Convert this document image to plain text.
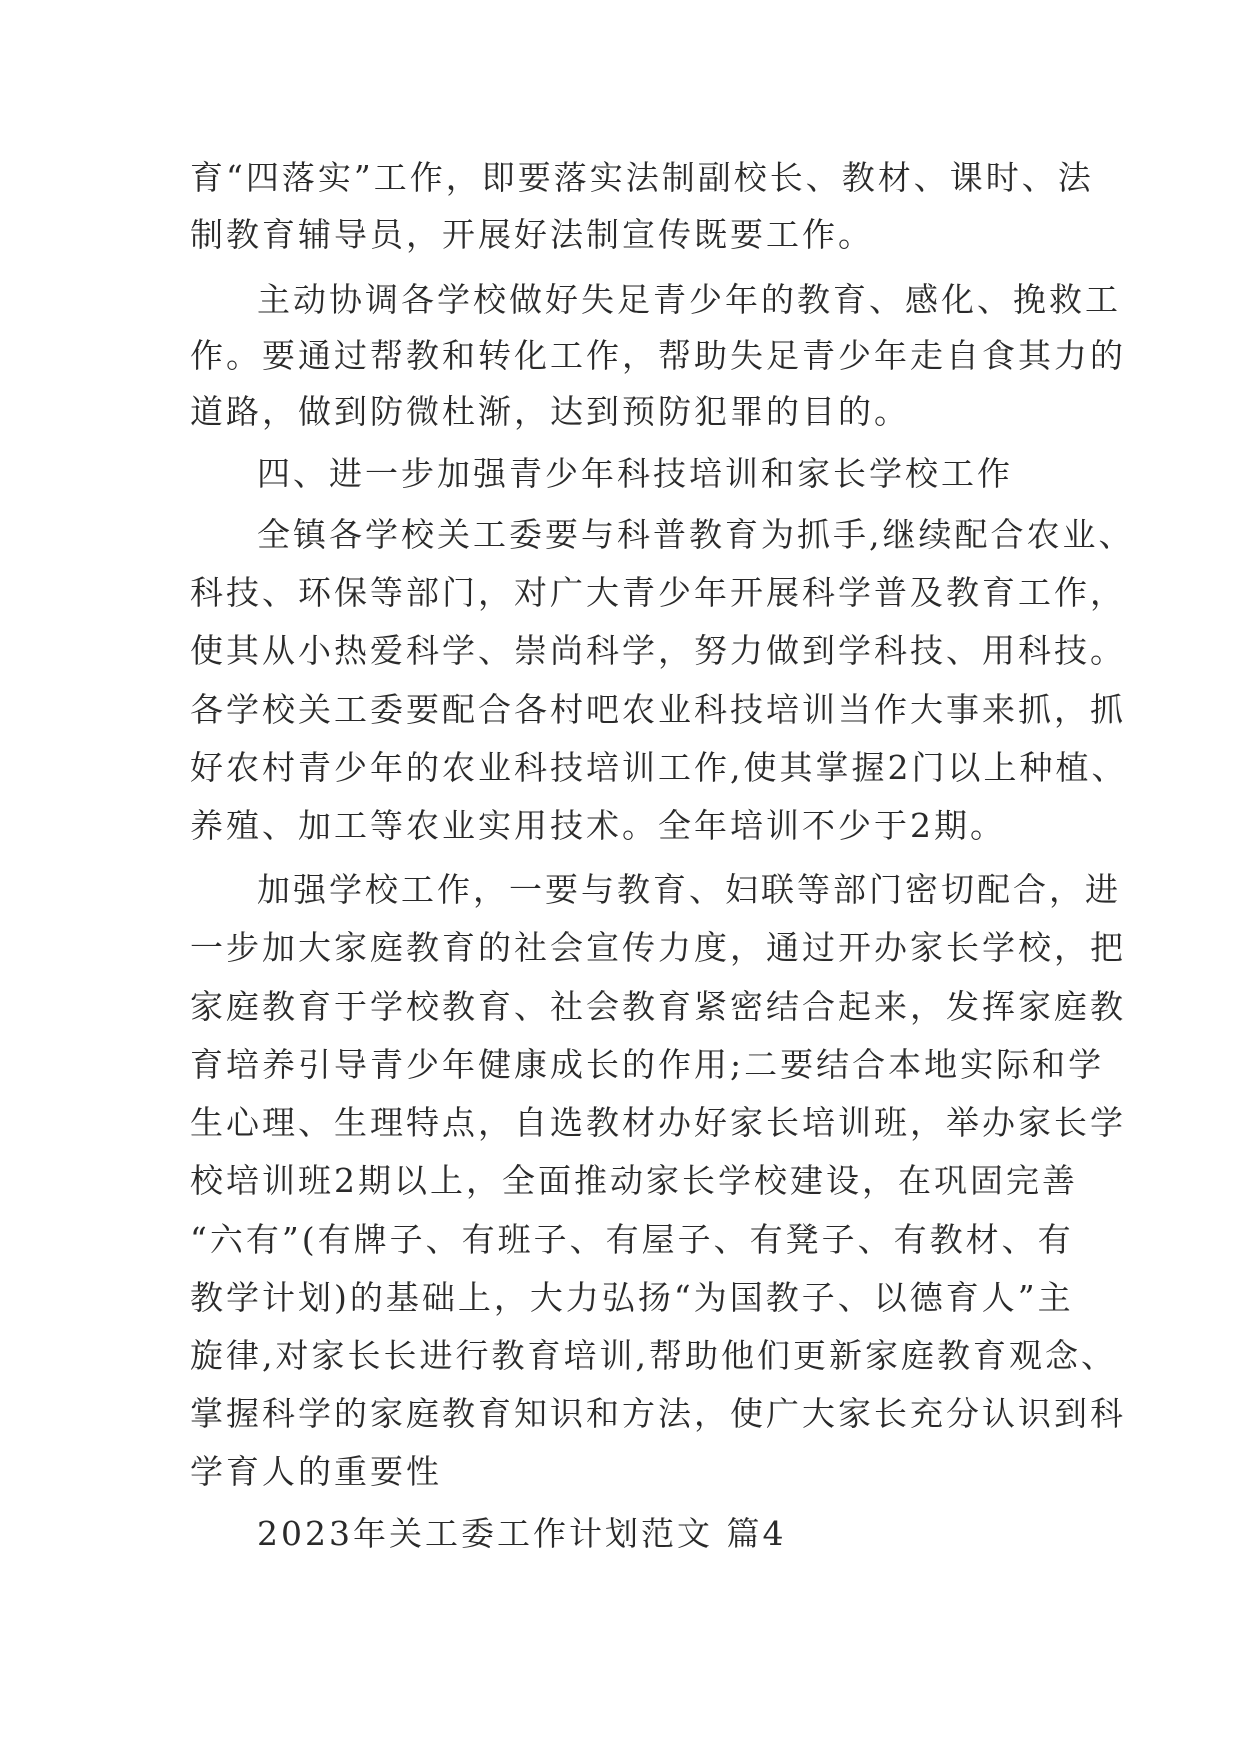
育“四落实”工作，即要落实法制副校长、教材、课时、法
制教育辅导员，开展好法制宣传既要工作。
主动协调各学校做好失足青少年的教育、感化、挽救工
作。要通过帮教和转化工作，帮助失足青少年走自食其力的
道路，做到防微杜渐，达到预防犯罪的目的。
四、进一步加强青少年科技培训和家长学校工作
全镇各学校关工委要与科普教育为抓手,继续配合农业、
科技、环保等部门，对广大青少年开展科学普及教育工作，
使其从小热爱科学、崇尚科学，努力做到学科技、用科技。
各学校关工委要配合各村吧农业科技培训当作大事来抓，抓
好农村青少年的农业科技培训工作,使其掌握2门以上种植、
养殖、加工等农业实用技术。全年培训不少于2期。
加强学校工作，一要与教育、妇联等部门密切配合，进
一步加大家庭教育的社会宣传力度，通过开办家长学校，把
家庭教育于学校教育、社会教育紧密结合起来，发挥家庭教
育培养引导青少年健康成长的作用;二要结合本地实际和学
生心理、生理特点，自选教材办好家长培训班，举办家长学
校培训班2期以上，全面推动家长学校建设，在巩固完善
“六有”(有牌子、有班子、有屋子、有凳子、有教材、有
教学计划)的基础上，大力弘扬“为国教子、以德育人”主
旋律,对家长长进行教育培训,帮助他们更新家庭教育观念、
掌握科学的家庭教育知识和方法，使广大家长充分认识到科
学育人的重要性
2023年关工委工作计划范文 篇4
